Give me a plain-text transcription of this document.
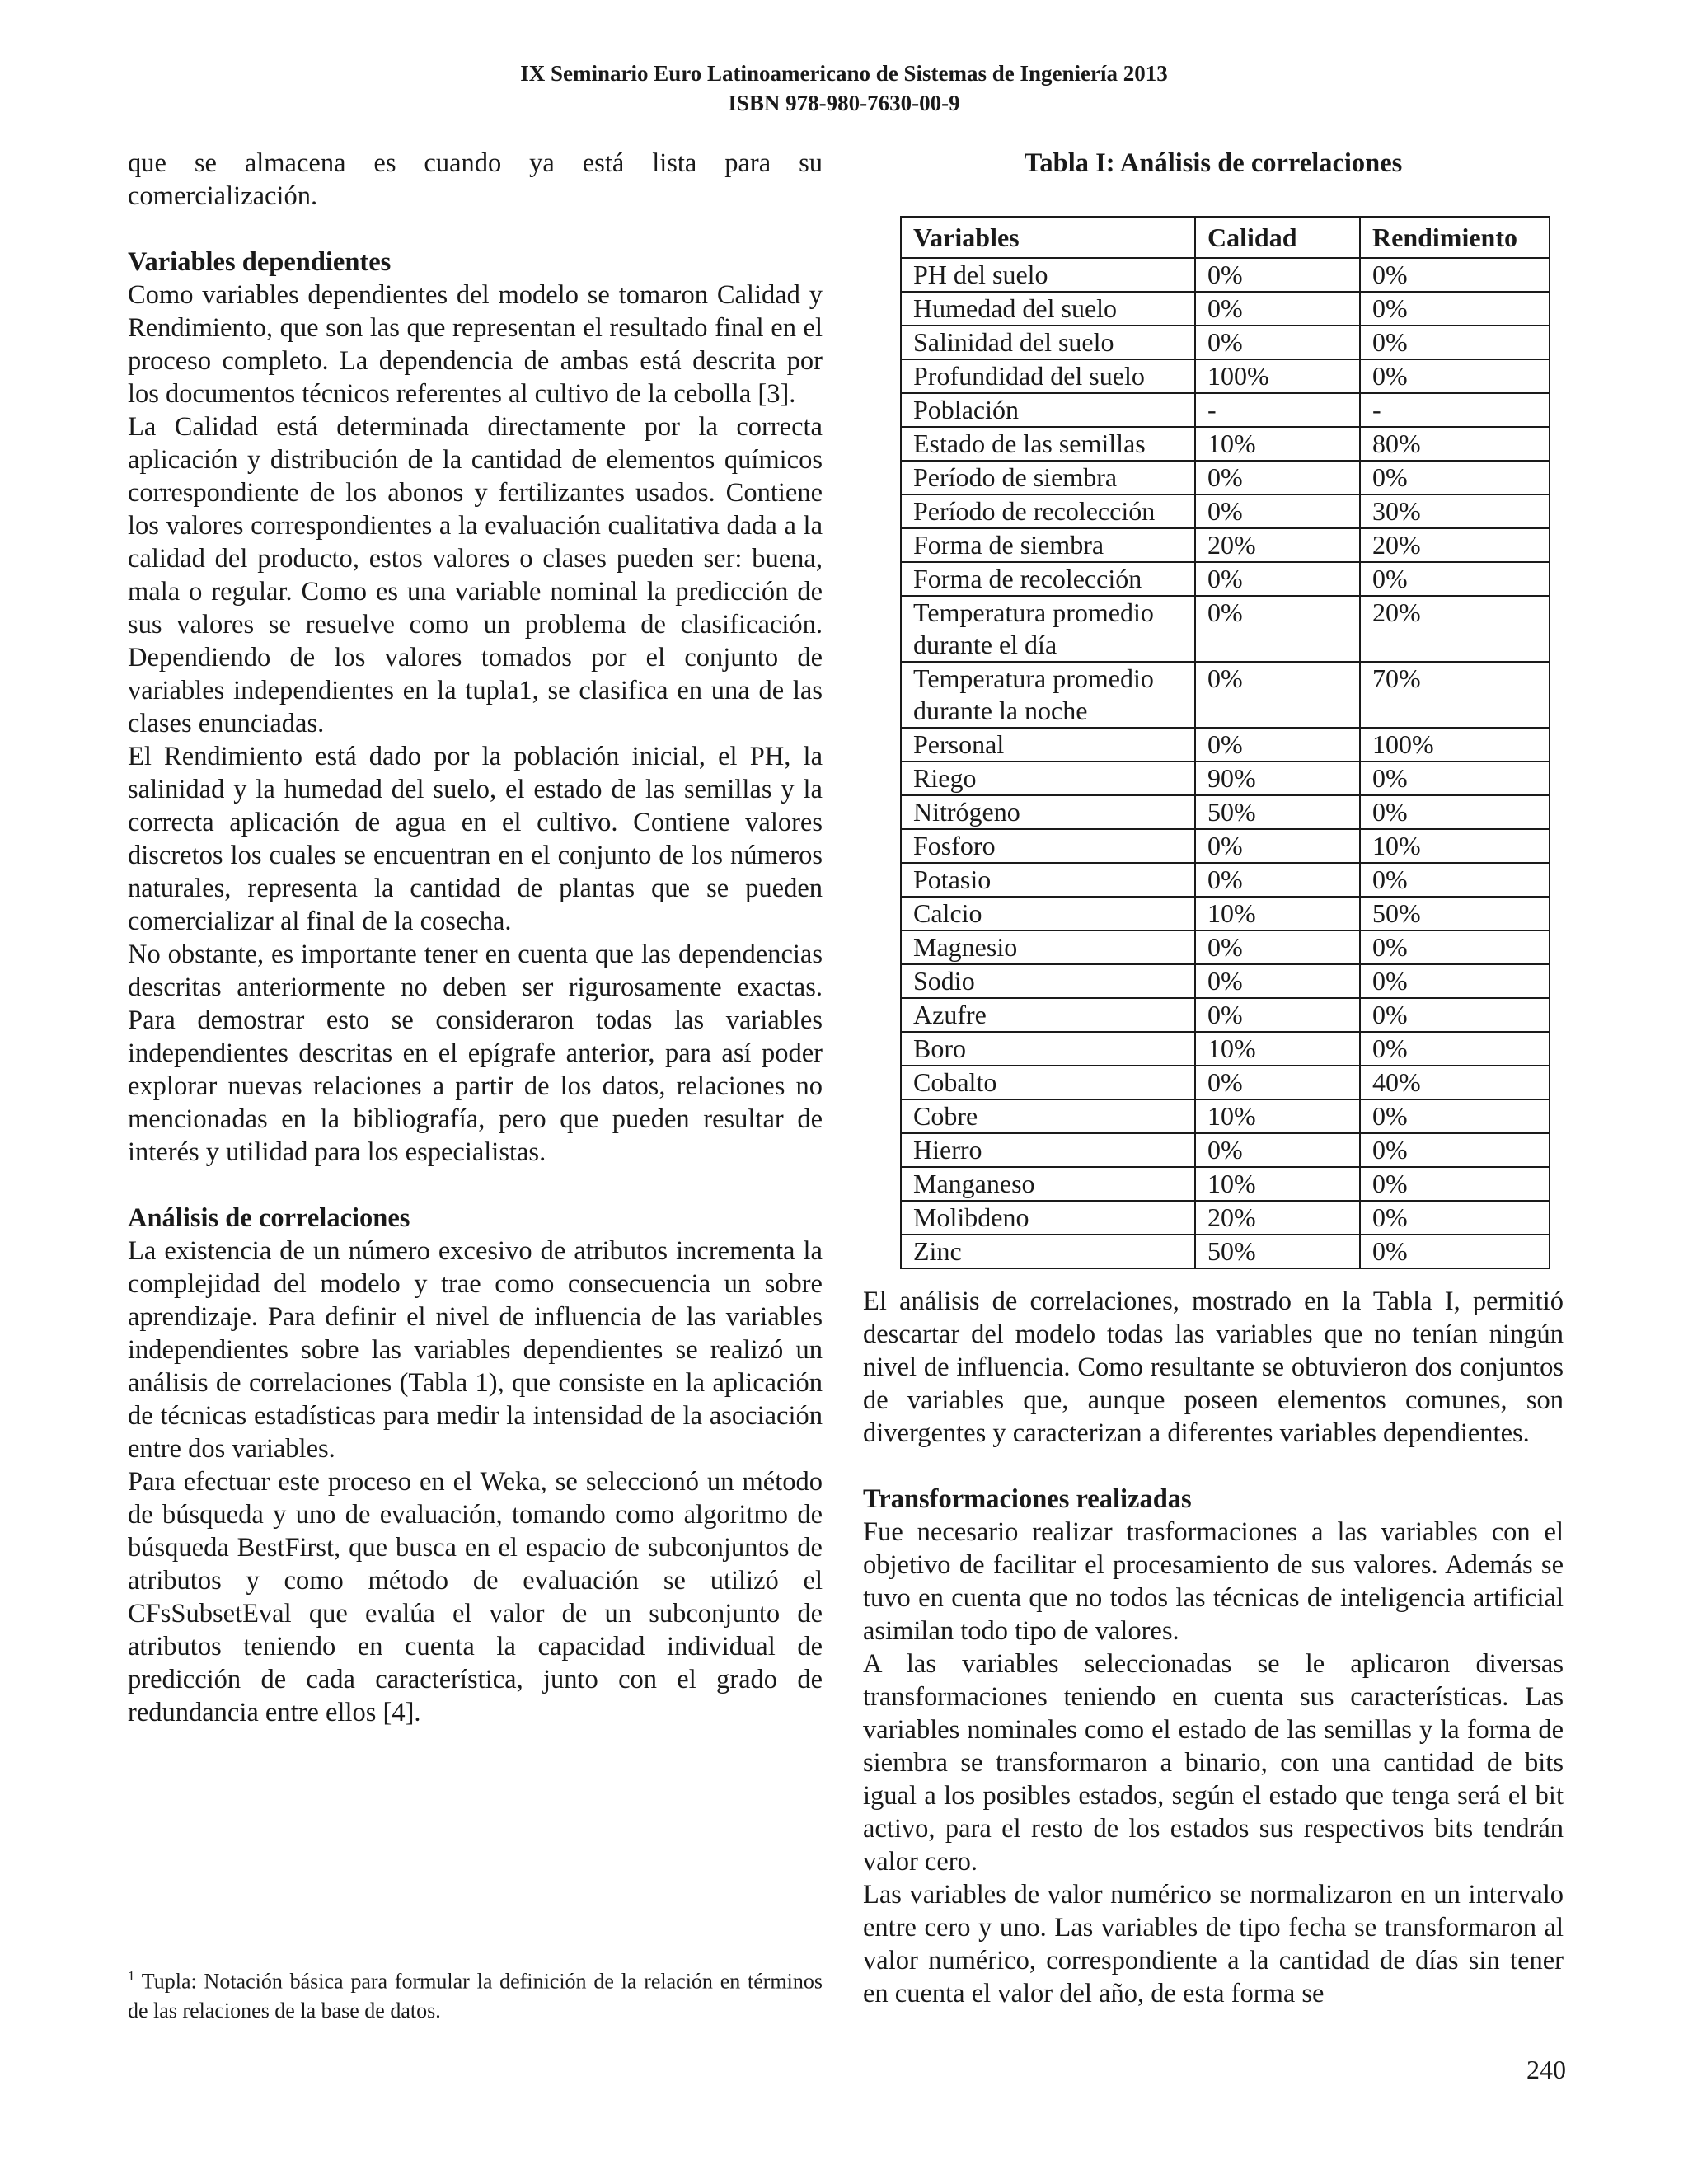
IX Seminario Euro Latinoamericano de Sistemas de Ingeniería 2013
ISBN 978-980-7630-00-9

que se almacena es cuando ya está lista para su comercialización.

Variables dependientes

Como variables dependientes del modelo se tomaron Calidad y Rendimiento, que son las que representan el resultado final en el proceso completo. La dependencia de ambas está descrita por los documentos técnicos referentes al cultivo de la cebolla [3].

La Calidad está determinada directamente por la correcta aplicación y distribución de la cantidad de elementos químicos correspondiente de los abonos y fertilizantes usados. Contiene los valores correspondientes a la evaluación cualitativa dada a la calidad del producto, estos valores o clases pueden ser: buena, mala o regular. Como es una variable nominal la predicción de sus valores se resuelve como un problema de clasificación. Dependiendo de los valores tomados por el conjunto de variables independientes en la tupla1, se clasifica en una de las clases enunciadas.

El Rendimiento está dado por la población inicial, el PH, la salinidad y la humedad del suelo, el estado de las semillas y la correcta aplicación de agua en el cultivo. Contiene valores discretos los cuales se encuentran en el conjunto de los números naturales, representa la cantidad de plantas que se pueden comercializar al final de la cosecha.

No obstante, es importante tener en cuenta que las dependencias descritas anteriormente no deben ser rigurosamente exactas. Para demostrar esto se consideraron todas las variables independientes descritas en el epígrafe anterior, para así poder explorar nuevas relaciones a partir de los datos, relaciones no mencionadas en la bibliografía, pero que pueden resultar de interés y utilidad para los especialistas.

Análisis de correlaciones

La existencia de un número excesivo de atributos incrementa la complejidad del modelo y trae como consecuencia un sobre aprendizaje. Para definir el nivel de influencia de las variables independientes sobre las variables dependientes se realizó un análisis de correlaciones (Tabla 1), que consiste en la aplicación de técnicas estadísticas para medir la intensidad de la asociación entre dos variables.

Para efectuar este proceso en el Weka, se seleccionó un método de búsqueda y uno de evaluación, tomando como algoritmo de búsqueda BestFirst, que busca en el espacio de subconjuntos de atributos y como método de evaluación se utilizó el CFsSubsetEval que evalúa el valor de un subconjunto de atributos teniendo en cuenta la capacidad individual de predicción de cada característica, junto con el grado de redundancia entre ellos [4].

$^1$ Tupla: Notación básica para formular la definición de la relación en términos de las relaciones de la base de datos.
Tabla I: Análisis de correlaciones
Variables	Calidad	Rendimiento
PH del suelo	0%	0%
Humedad del suelo	0%	0%
Salinidad del suelo	0%	0%
Profundidad del suelo	100%	0%
Población	-	-
Estado de las semillas	10%	80%
Período de siembra	0%	0%
Período de recolección	0%	30%
Forma de siembra	20%	20%
Forma de recolección	0%	0%
Temperatura promedio durante el día	0%	20%
Temperatura promedio durante la noche	0%	70%
Personal	0%	100%
Riego	90%	0%
Nitrógeno	50%	0%
Fosforo	0%	10%
Potasio	0%	0%
Calcio	10%	50%
Magnesio	0%	0%
Sodio	0%	0%
Azufre	0%	0%
Boro	10%	0%
Cobalto	0%	40%
Cobre	10%	0%
Hierro	0%	0%
Manganeso	10%	0%
Molibdeno	20%	0%
Zinc	50%	0%

El análisis de correlaciones, mostrado en la Tabla I, permitió descartar del modelo todas las variables que no tenían ningún nivel de influencia. Como resultante se obtuvieron dos conjuntos de variables que, aunque poseen elementos comunes, son divergentes y caracterizan a diferentes variables dependientes.

Transformaciones realizadas

Fue necesario realizar trasformaciones a las variables con el objetivo de facilitar el procesamiento de sus valores. Además se tuvo en cuenta que no todos las técnicas de inteligencia artificial asimilan todo tipo de valores.

A las variables seleccionadas se le aplicaron diversas transformaciones teniendo en cuenta sus características. Las variables nominales como el estado de las semillas y la forma de siembra se transformaron a binario, con una cantidad de bits igual a los posibles estados, según el estado que tenga será el bit activo, para el resto de los estados sus respectivos bits tendrán valor cero.

Las variables de valor numérico se normalizaron en un intervalo entre cero y uno. Las variables de tipo fecha se transformaron al valor numérico, correspondiente a la cantidad de días sin tener en cuenta el valor del año, de esta forma se

240
